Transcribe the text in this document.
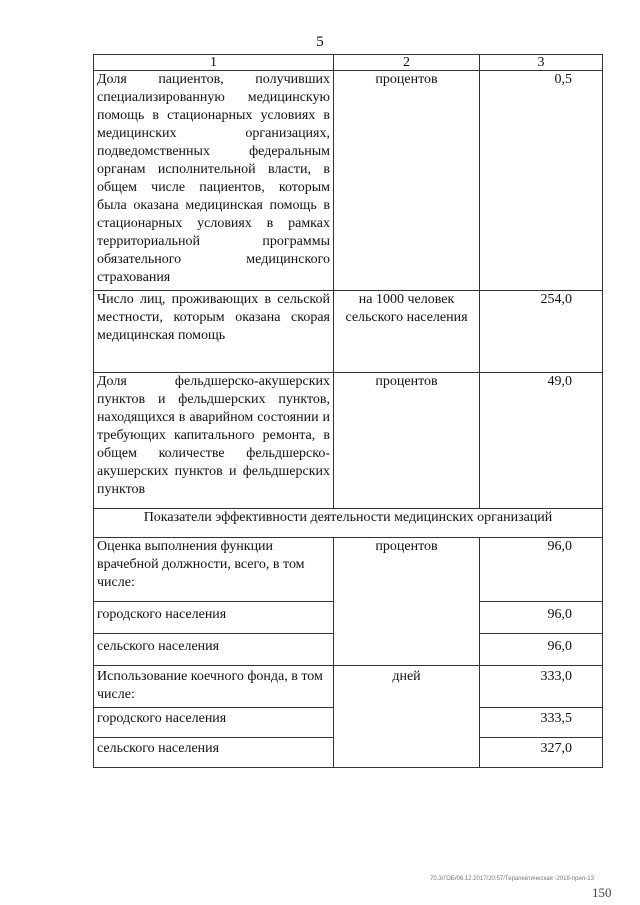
5
1	2	3
Доля пациентов, получивших специализированную медицинскую помощь в стационарных условиях в медицинских организациях, подведомственных федеральным органам исполнительной власти, в общем числе пациентов, которым была оказана медицинская помощь в стационарных условиях в рамках территориальной программы обязательного медицинского страхования	процентов	0,5
Число лиц, проживающих в сельской местности, которым оказана скорая медицинская помощь	на 1000 человек сельского населения	254,0
Доля фельдшерско-акушерских пунктов и фельдшерских пунктов, находящихся в аварийном состоянии и требующих капитального ремонта, в общем количестве фельдшерско-акушерских пунктов и фельдшерских пунктов	процентов	49,0
Показатели эффективности деятельности медицинских организаций		
Оценка выполнения функции врачебной должности, всего, в том числе:	процентов	96,0
городского населения		96,0
сельского населения		96,0
Использование коечного фонда, в том числе:	дней	333,0
городского населения		333,5
сельского населения		327,0
70.3/ГОБ/06.12.2017/20:57/Терапевтическая -2018-прил-13
150
